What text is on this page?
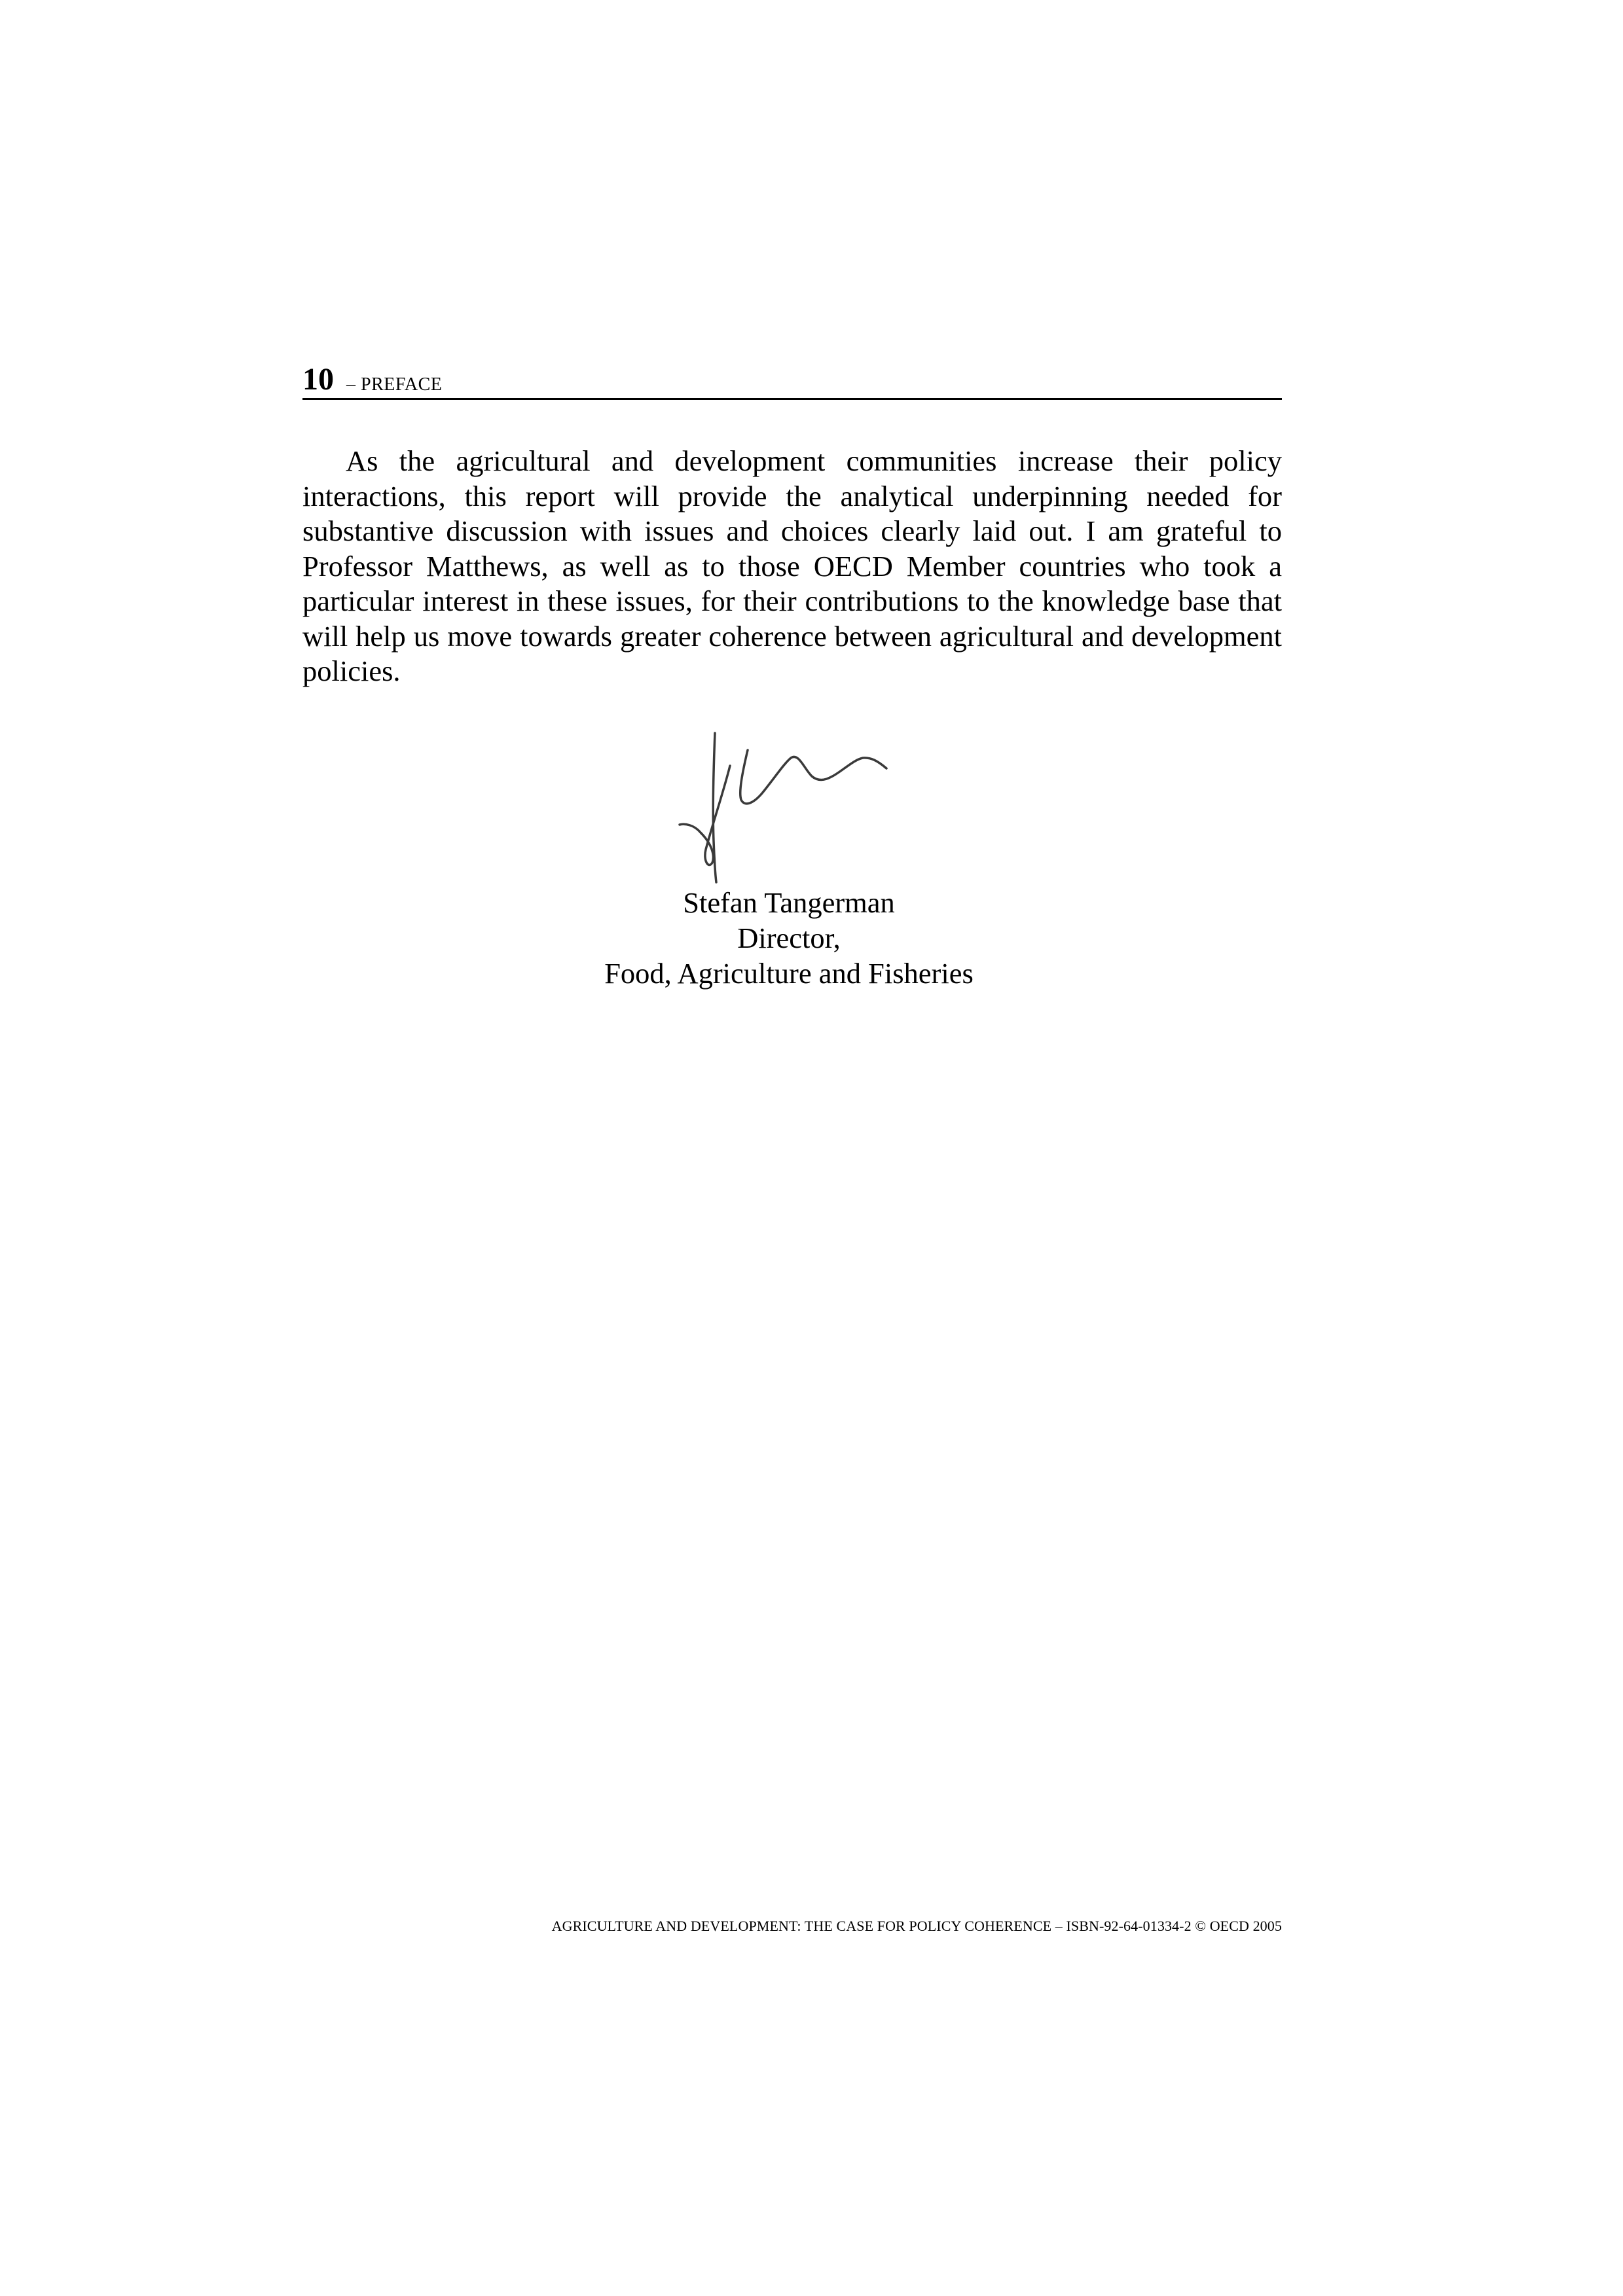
10 – PREFACE

As the agricultural and development communities increase their policy interactions, this report will provide the analytical underpinning needed for substantive discussion with issues and choices clearly laid out. I am grateful to Professor Matthews, as well as to those OECD Member countries who took a particular interest in these issues, for their contributions to the knowledge base that will help us move towards greater coherence between agricultural and development policies.

Stefan Tangerman
Director,
Food, Agriculture and Fisheries
AGRICULTURE AND DEVELOPMENT: THE CASE FOR POLICY COHERENCE – ISBN-92-64-01334-2 © OECD 2005
